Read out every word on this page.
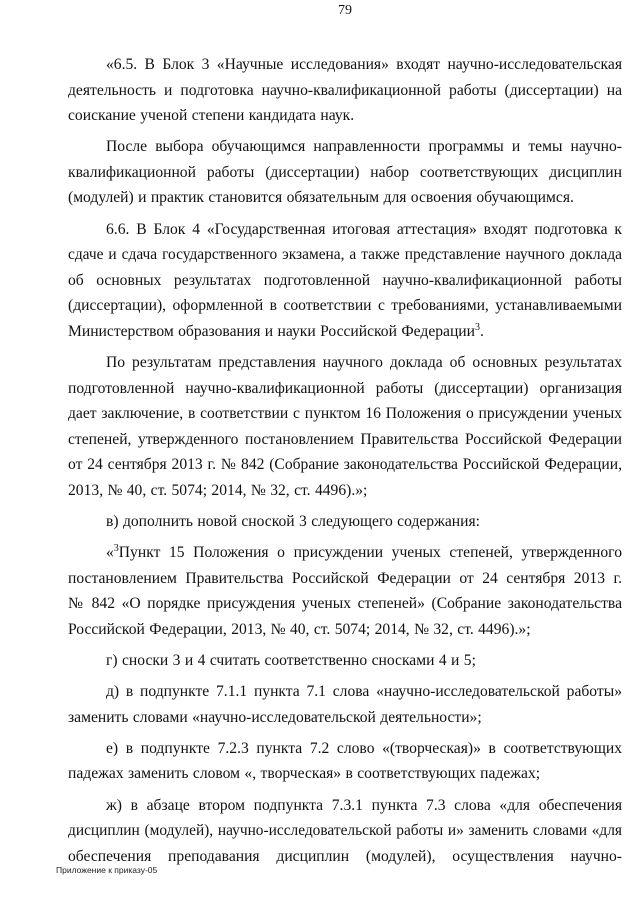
79
«6.5. В Блок 3 «Научные исследования» входят научно-исследовательская
деятельность и подготовка научно-квалификационной работы (диссертации) на
соискание ученой степени кандидата наук.
После выбора обучающимся направленности программы и темы научно-
квалификационной работы (диссертации) набор соответствующих дисциплин
(модулей) и практик становится обязательным для освоения обучающимся.
6.6. В Блок 4 «Государственная итоговая аттестация» входят подготовка к
сдаче и сдача государственного экзамена, а также представление научного доклада
об основных результатах подготовленной научно-квалификационной работы
(диссертации), оформленной в соответствии с требованиями, устанавливаемыми
Министерством образования и науки Российской Федерации$^3$.
По результатам представления научного доклада об основных результатах
подготовленной научно-квалификационной работы (диссертации) организация
дает заключение, в соответствии с пунктом 16 Положения о присуждении ученых
степеней, утвержденного постановлением Правительства Российской Федерации
от 24 сентября 2013 г. № 842 (Собрание законодательства Российской Федерации,
2013, № 40, ст. 5074; 2014, № 32, ст. 4496).»;
в) дополнить новой сноской 3 следующего содержания:
«$^3$Пункт 15 Положения о присуждении ученых степеней, утвержденного
постановлением Правительства Российской Федерации от 24 сентября 2013 г.
№ 842 «О порядке присуждения ученых степеней» (Собрание законодательства
Российской Федерации, 2013, № 40, ст. 5074; 2014, № 32, ст. 4496).»;
г) сноски 3 и 4 считать соответственно сносками 4 и 5;
д) в подпункте 7.1.1 пункта 7.1 слова «научно-исследовательской работы»
заменить словами «научно-исследовательской деятельности»;
е) в подпункте 7.2.3 пункта 7.2 слово «(творческая)» в соответствующих
падежах заменить словом «, творческая» в соответствующих падежах;
ж) в абзаце втором подпункта 7.3.1 пункта 7.3 слова «для обеспечения
дисциплин (модулей), научно-исследовательской работы и» заменить словами «для
обеспечения преподавания дисциплин (модулей), осуществления научно-
Приложение к приказу-05
